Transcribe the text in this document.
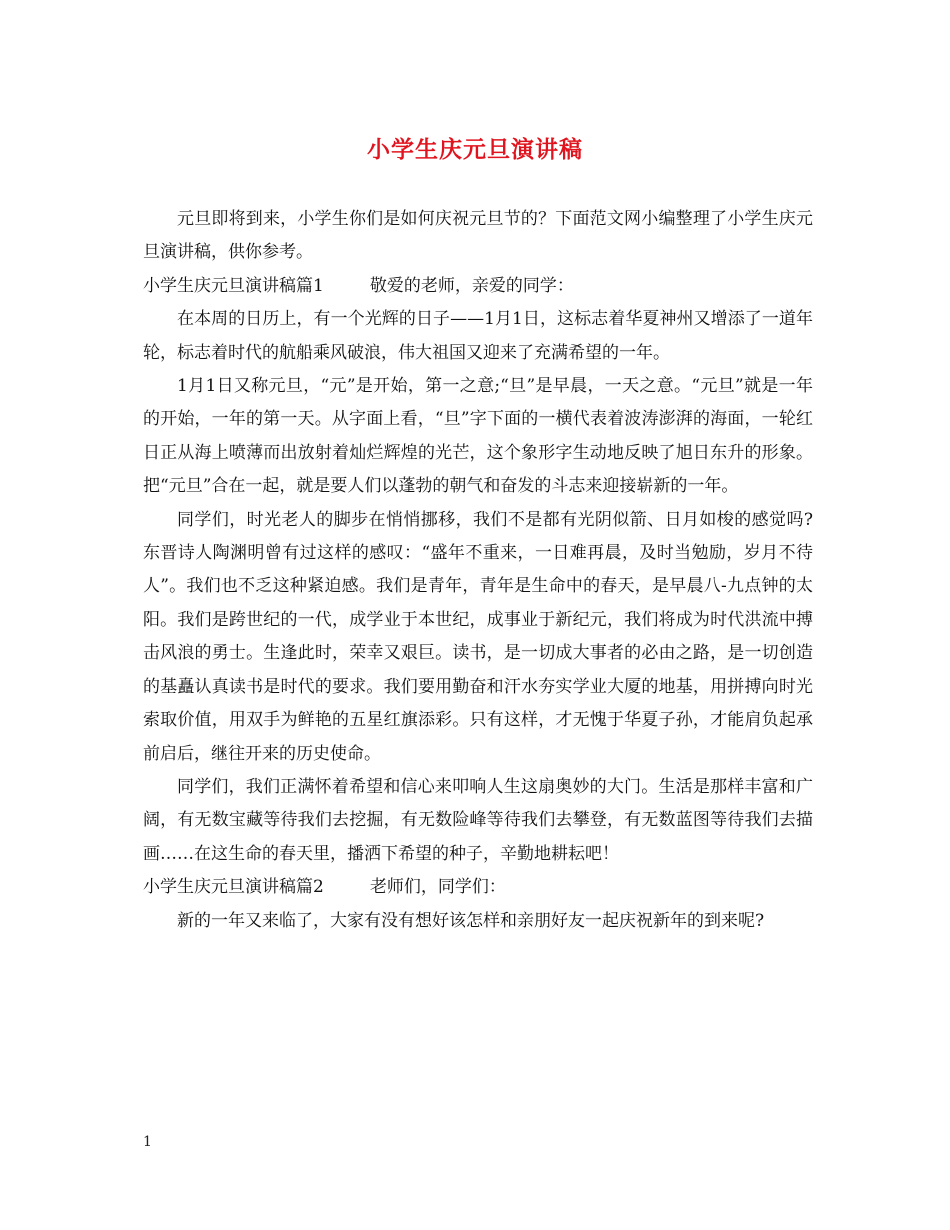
小学生庆元旦演讲稿

元旦即将到来，小学生你们是如何庆祝元旦节的？下面范文网小编整理了小学生庆元旦演讲稿，供你参考。

小学生庆元旦演讲稿篇1	敬爱的老师，亲爱的同学：

在本周的日历上，有一个光辉的日子——1月1日，这标志着华夏神州又增添了一道年轮，标志着时代的航船乘风破浪，伟大祖国又迎来了充满希望的一年。

1月1日又称元旦，“元”是开始，第一之意;“旦”是早晨，一天之意。“元旦”就是一年的开始，一年的第一天。从字面上看，“旦”字下面的一横代表着波涛澎湃的海面，一轮红日正从海上喷薄而出放射着灿烂辉煌的光芒，这个象形字生动地反映了旭日东升的形象。把“元旦”合在一起，就是要人们以蓬勃的朝气和奋发的斗志来迎接崭新的一年。

同学们，时光老人的脚步在悄悄挪移，我们不是都有光阴似箭、日月如梭的感觉吗?东晋诗人陶渊明曾有过这样的感叹：“盛年不重来，一日难再晨，及时当勉励，岁月不待人”。我们也不乏这种紧迫感。我们是青年，青年是生命中的春天，是早晨八-九点钟的太阳。我们是跨世纪的一代，成学业于本世纪，成事业于新纪元，我们将成为时代洪流中搏击风浪的勇士。生逢此时，荣幸又艰巨。读书，是一切成大事者的必由之路，是一切创造的基矗认真读书是时代的要求。我们要用勤奋和汗水夯实学业大厦的地基，用拼搏向时光索取价值，用双手为鲜艳的五星红旗添彩。只有这样，才无愧于华夏子孙，才能肩负起承前启后，继往开来的历史使命。

同学们，我们正满怀着希望和信心来叩响人生这扇奥妙的大门。生活是那样丰富和广阔，有无数宝藏等待我们去挖掘，有无数险峰等待我们去攀登，有无数蓝图等待我们去描画……在这生命的春天里，播洒下希望的种子，辛勤地耕耘吧！

小学生庆元旦演讲稿篇2	老师们，同学们：

新的一年又来临了，大家有没有想好该怎样和亲朋好友一起庆祝新年的到来呢?

1
